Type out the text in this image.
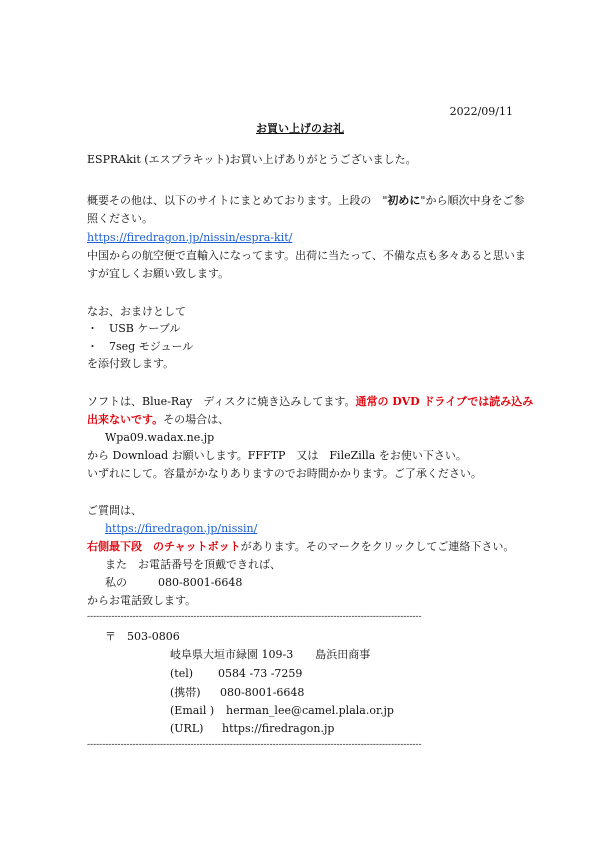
2022/09/11
お買い上げのお礼
ESPRAkit (エスプラキット)お買い上げありがとうございました。
概要その他は、以下のサイトにまとめております。上段の　"初めに"から順次中身をご参
照ください。
https://firedragon.jp/nissin/espra-kit/
中国からの航空便で直輸入になってます。出荷に当たって、不備な点も多々あると思いま
すが宜しくお願い致します。
なお、おまけとして
・　USB ケーブル
・　7seg モジュール
を添付致します。
ソフトは、Blue-Ray　ディスクに焼き込みしてます。通常の DVD ドライブでは読み込み
出来ないです。その場合は、
Wpa09.wadax.ne.jp
から Download お願いします。FFFTP　又は　FileZilla をお使い下さい。
いずれにして。容量がかなりありますのでお時間かかります。ご了承ください。
ご質問は、
https://firedragon.jp/nissin/
右側最下段　のチャットボットがあります。そのマークをクリックしてご連絡下さい。
また　お電話番号を頂戴できれば、
私の	080-8001-6648
からお電話致します。
--------------------------------------------------------------------------------------------------------------
〒　503-0806
岐阜県大垣市緑園 109-3　　島浜田商事
(tel) 0584 -73 -7259
(携帯) 080-8001-6648
(Email ) herman_lee@camel.plala.or.jp
(URL) https://firedragon.jp
--------------------------------------------------------------------------------------------------------------
